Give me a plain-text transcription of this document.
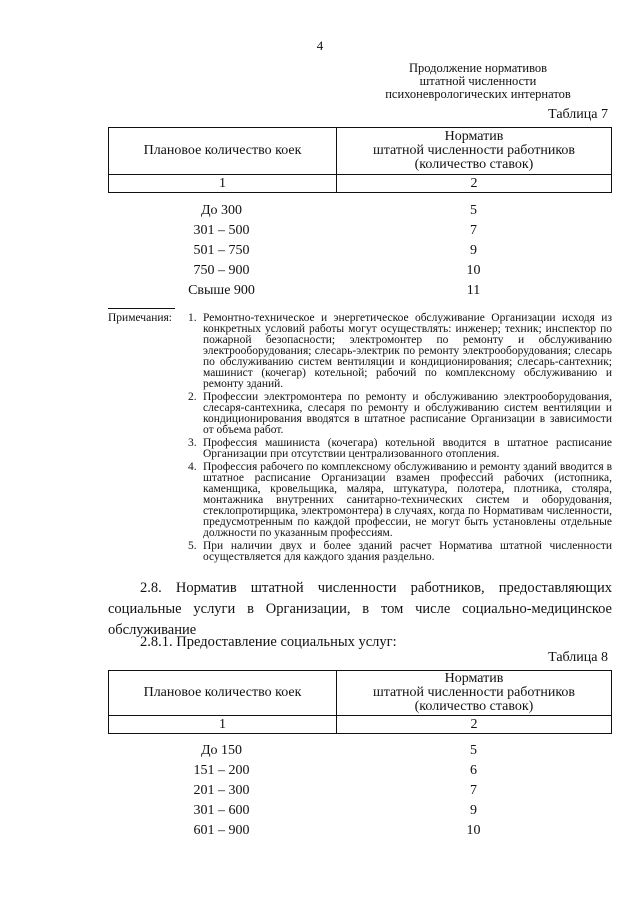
4
Продолжение нормативов
штатной численности
психоневрологических интернатов
Таблица 7
Плановое количество коек	Норматив
штатной численности работников
(количество ставок)

1	2
До 300	5
301 – 500	7
501 – 750	9
750 – 900	10
Свыше 900	11
Примечания: 1. Ремонтно-техническое и энергетическое обслуживание Организации исходя из конкретных условий работы могут осуществлять: инженер; техник; инспектор по пожарной безопасности; электромонтер по ремонту и обслуживанию электрооборудования; слесарь-электрик по ремонту электрооборудования; слесарь по обслуживанию систем вентиляции и кондиционирования; слесарь-сантехник; машинист (кочегар) котельной; рабочий по комплексному обслуживанию и ремонту зданий.
2. Профессии электромонтера по ремонту и обслуживанию электрооборудования, слесаря-сантехника, слесаря по ремонту и обслуживанию систем вентиляции и кондиционирования вводятся в штатное расписание Организации в зависимости от объема работ.
3. Профессия машиниста (кочегара) котельной вводится в штатное расписание Организации при отсутствии централизованного отопления.
4. Профессия рабочего по комплексному обслуживанию и ремонту зданий вводится в штатное расписание Организации взамен профессий рабочих (истопника, каменщика, кровельщика, маляра, штукатура, полотера, плотника, столяра, монтажника внутренних санитарно-технических систем и оборудования, стеклопротирщика, электромонтера) в случаях, когда по Нормативам численности, предусмотренным по каждой профессии, не могут быть установлены отдельные должности по указанным профессиям.
5. При наличии двух и более зданий расчет Норматива штатной численности осуществляется для каждого здания раздельно.
2.8. Норматив штатной численности работников, предоставляющих социальные услуги в Организации, в том числе социально-медицинское обслуживание
2.8.1. Предоставление социальных услуг:
Таблица 8
Плановое количество коек	Норматив
штатной численности работников
(количество ставок)

1	2
До 150	5
151 – 200	6
201 – 300	7
301 – 600	9
601 – 900	10
